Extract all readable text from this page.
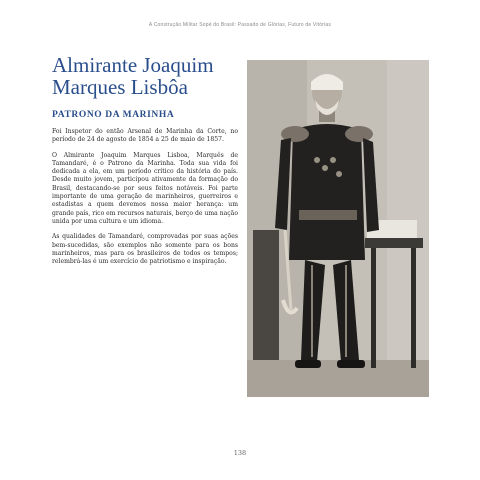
A Construção Militar Sopé do Brasil: Passado de Glórias, Futuro de Vitórias
Almirante Joaquim
Marques Lisbôa
PATRONO DA MARINHA

Foi Inspetor do então Arsenal de Marinha da Corte, no período de 24 de agosto de 1854 a 25 de maio de 1857.

O Almirante Joaquim Marques Lisboa, Marquês de Tamandaré, é o Patrono da Marinha. Toda sua vida foi dedicada a ela, em um período crítico da história do país. Desde muito jovem, participou ativamente da formação do Brasil, destacando-se por seus feitos notáveis. Foi parte importante de uma geração de marinheiros, guerreiros e estadistas a quem devemos nossa maior herança: um grande país, rico em recursos naturais, berço de uma nação unida por uma cultura e um idioma.

As qualidades de Tamandaré, comprovadas por suas ações bem-sucedidas, são exemplos não somente para os bons marinheiros, mas para os brasileiros de todos os tempos; relembrá-las é um exercício de patriotismo e inspiração.

138
